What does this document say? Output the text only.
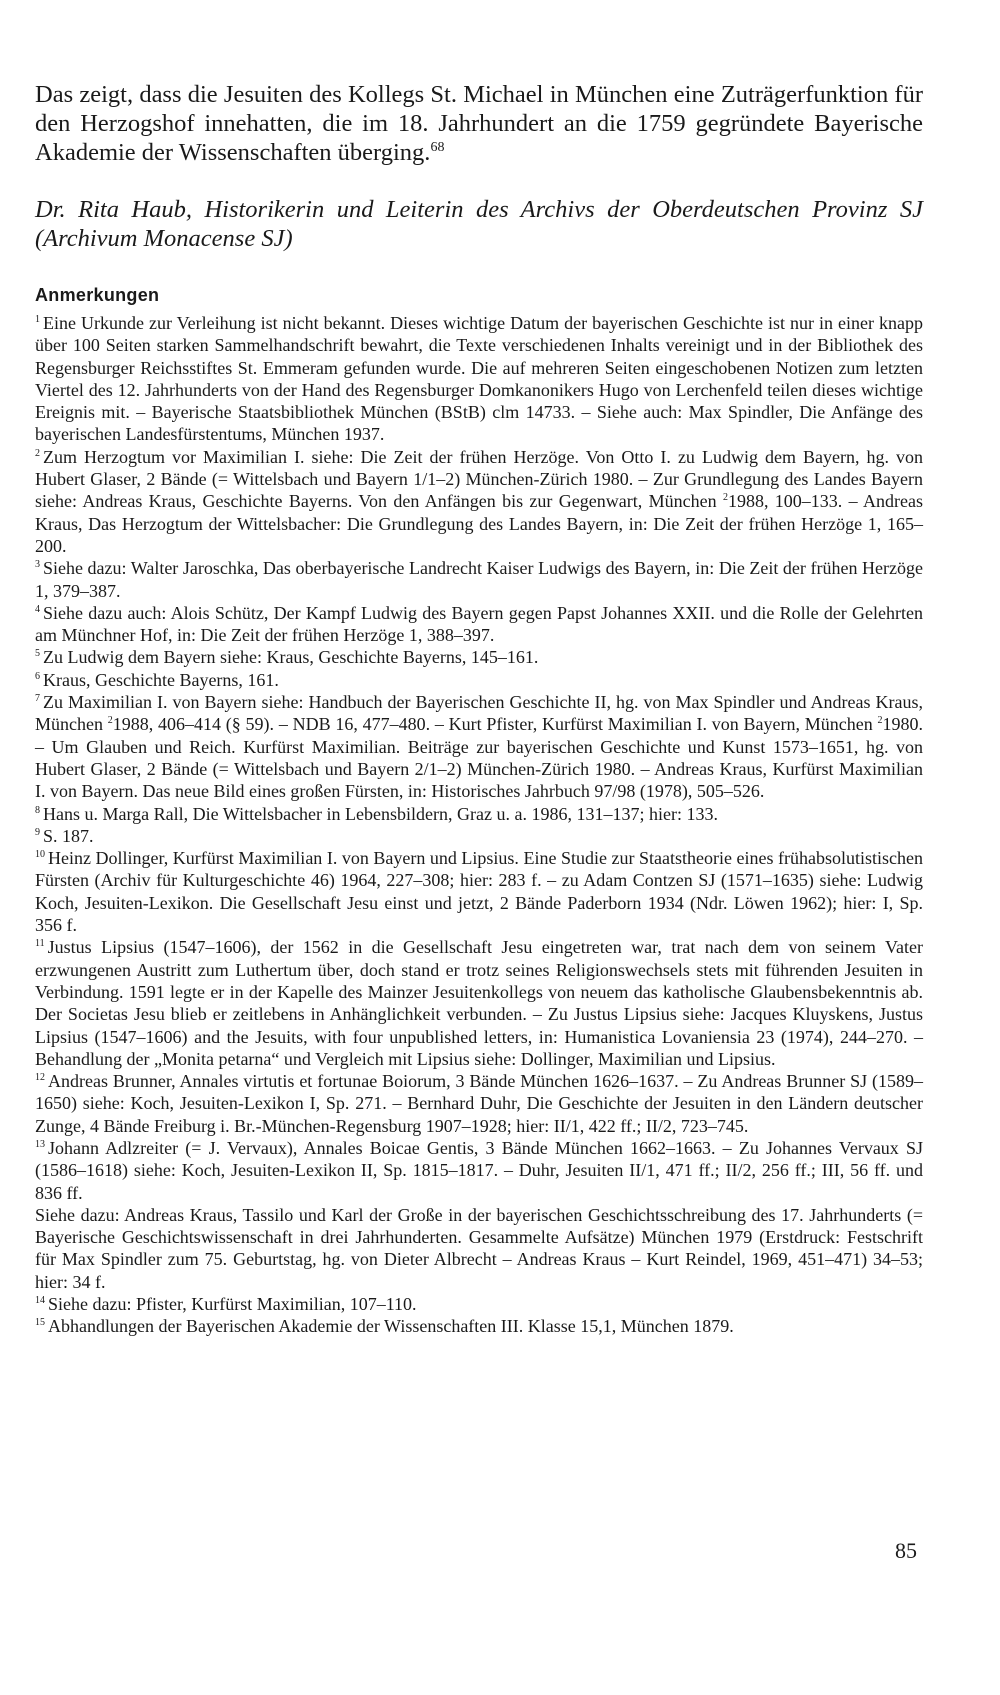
Das zeigt, dass die Jesuiten des Kollegs St. Michael in München eine Zuträgerfunktion für den Herzogshof innehatten, die im 18. Jahrhundert an die 1759 gegründete Bayerische Akademie der Wissenschaften überging.$^{68}$

Dr. Rita Haub, Historikerin und Leiterin des Archivs der Oberdeutschen Provinz SJ (Archivum Monacense SJ)

Anmerkungen

$^1$ Eine Urkunde zur Verleihung ist nicht bekannt. Dieses wichtige Datum der bayerischen Geschichte ist nur in einer knapp über 100 Seiten starken Sammelhandschrift bewahrt, die Texte verschiedenen Inhalts vereinigt und in der Bibliothek des Regensburger Reichsstiftes St. Emmeram gefunden wurde. Die auf mehreren Seiten eingeschobenen Notizen zum letzten Viertel des 12. Jahrhunderts von der Hand des Regensburger Domkanonikers Hugo von Lerchenfeld teilen dieses wichtige Ereignis mit. – Bayerische Staatsbibliothek München (BStB) clm 14733. – Siehe auch: Max Spindler, Die Anfänge des bayerischen Landesfürstentums, München 1937.

$^2$ Zum Herzogtum vor Maximilian I. siehe: Die Zeit der frühen Herzöge. Von Otto I. zu Ludwig dem Bayern, hg. von Hubert Glaser, 2 Bände (= Wittelsbach und Bayern 1/1–2) München-Zürich 1980. – Zur Grundlegung des Landes Bayern siehe: Andreas Kraus, Geschichte Bayerns. Von den Anfängen bis zur Gegenwart, München $^2$1988, 100–133. – Andreas Kraus, Das Herzogtum der Wittelsbacher: Die Grundlegung des Landes Bayern, in: Die Zeit der frühen Herzöge 1, 165–200.

$^3$ Siehe dazu: Walter Jaroschka, Das oberbayerische Landrecht Kaiser Ludwigs des Bayern, in: Die Zeit der frühen Herzöge 1, 379–387.

$^4$ Siehe dazu auch: Alois Schütz, Der Kampf Ludwig des Bayern gegen Papst Johannes XXII. und die Rolle der Gelehrten am Münchner Hof, in: Die Zeit der frühen Herzöge 1, 388–397.

$^5$ Zu Ludwig dem Bayern siehe: Kraus, Geschichte Bayerns, 145–161.

$^6$ Kraus, Geschichte Bayerns, 161.

$^7$ Zu Maximilian I. von Bayern siehe: Handbuch der Bayerischen Geschichte II, hg. von Max Spindler und Andreas Kraus, München $^2$1988, 406–414 (§ 59). – NDB 16, 477–480. – Kurt Pfister, Kurfürst Maximilian I. von Bayern, München $^2$1980. – Um Glauben und Reich. Kurfürst Maximilian. Beiträge zur bayerischen Geschichte und Kunst 1573–1651, hg. von Hubert Glaser, 2 Bände (= Wittelsbach und Bayern 2/1–2) München-Zürich 1980. – Andreas Kraus, Kurfürst Maximilian I. von Bayern. Das neue Bild eines großen Fürsten, in: Historisches Jahrbuch 97/98 (1978), 505–526.

$^8$ Hans u. Marga Rall, Die Wittelsbacher in Lebensbildern, Graz u. a. 1986, 131–137; hier: 133.

$^9$ S. 187.

$^{10}$ Heinz Dollinger, Kurfürst Maximilian I. von Bayern und Lipsius. Eine Studie zur Staatstheorie eines frühabsolutistischen Fürsten (Archiv für Kulturgeschichte 46) 1964, 227–308; hier: 283 f. – zu Adam Contzen SJ (1571–1635) siehe: Ludwig Koch, Jesuiten-Lexikon. Die Gesellschaft Jesu einst und jetzt, 2 Bände Paderborn 1934 (Ndr. Löwen 1962); hier: I, Sp. 356 f.

$^{11}$ Justus Lipsius (1547–1606), der 1562 in die Gesellschaft Jesu eingetreten war, trat nach dem von seinem Vater erzwungenen Austritt zum Luthertum über, doch stand er trotz seines Religionswechsels stets mit führenden Jesuiten in Verbindung. 1591 legte er in der Kapelle des Mainzer Jesuitenkollegs von neuem das katholische Glaubensbekenntnis ab. Der Societas Jesu blieb er zeitlebens in Anhänglichkeit verbunden. – Zu Justus Lipsius siehe: Jacques Kluyskens, Justus Lipsius (1547–1606) and the Jesuits, with four unpublished letters, in: Humanistica Lovaniensia 23 (1974), 244–270. – Behandlung der „Monita petarna“ und Vergleich mit Lipsius siehe: Dollinger, Maximilian und Lipsius.

$^{12}$ Andreas Brunner, Annales virtutis et fortunae Boiorum, 3 Bände München 1626–1637. – Zu Andreas Brunner SJ (1589–1650) siehe: Koch, Jesuiten-Lexikon I, Sp. 271. – Bernhard Duhr, Die Geschichte der Jesuiten in den Ländern deutscher Zunge, 4 Bände Freiburg i. Br.-München-Regensburg 1907–1928; hier: II/1, 422 ff.; II/2, 723–745.

$^{13}$ Johann Adlzreiter (= J. Vervaux), Annales Boicae Gentis, 3 Bände München 1662–1663. – Zu Johannes Vervaux SJ (1586–1618) siehe: Koch, Jesuiten-Lexikon II, Sp. 1815–1817. – Duhr, Jesuiten II/1, 471 ff.; II/2, 256 ff.; III, 56 ff. und 836 ff.

Siehe dazu: Andreas Kraus, Tassilo und Karl der Große in der bayerischen Geschichtsschreibung des 17. Jahrhunderts (= Bayerische Geschichtswissenschaft in drei Jahrhunderten. Gesammelte Aufsätze) München 1979 (Erstdruck: Festschrift für Max Spindler zum 75. Geburtstag, hg. von Dieter Albrecht – Andreas Kraus – Kurt Reindel, 1969, 451–471) 34–53; hier: 34 f.

$^{14}$ Siehe dazu: Pfister, Kurfürst Maximilian, 107–110.

$^{15}$ Abhandlungen der Bayerischen Akademie der Wissenschaften III. Klasse 15,1, München 1879.

85
